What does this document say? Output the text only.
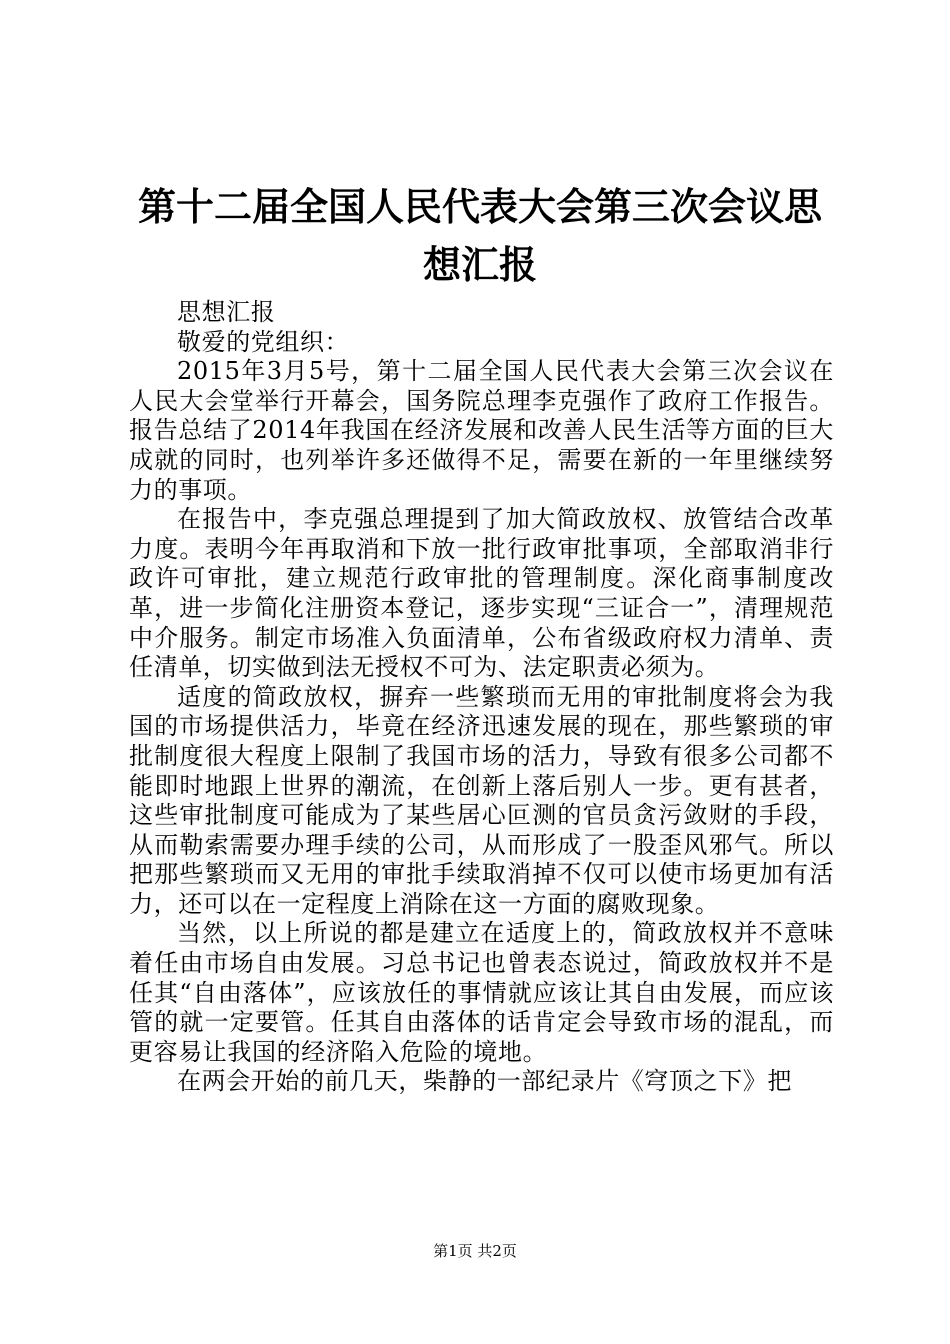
第十二届全国人民代表大会第三次会议思想汇报

思想汇报

敬爱的党组织：

2015年3月5号，第十二届全国人民代表大会第三次会议在人民大会堂举行开幕会，国务院总理李克强作了政府工作报告。报告总结了2014年我国在经济发展和改善人民生活等方面的巨大成就的同时，也列举许多还做得不足，需要在新的一年里继续努力的事项。

在报告中，李克强总理提到了加大简政放权、放管结合改革力度。表明今年再取消和下放一批行政审批事项，全部取消非行政许可审批，建立规范行政审批的管理制度。深化商事制度改革，进一步简化注册资本登记，逐步实现“三证合一”，清理规范中介服务。制定市场准入负面清单，公布省级政府权力清单、责任清单，切实做到法无授权不可为、法定职责必须为。

适度的简政放权，摒弃一些繁琐而无用的审批制度将会为我国的市场提供活力，毕竟在经济迅速发展的现在，那些繁琐的审批制度很大程度上限制了我国市场的活力，导致有很多公司都不能即时地跟上世界的潮流，在创新上落后别人一步。更有甚者，这些审批制度可能成为了某些居心叵测的官员贪污敛财的手段，从而勒索需要办理手续的公司，从而形成了一股歪风邪气。所以把那些繁琐而又无用的审批手续取消掉不仅可以使市场更加有活力，还可以在一定程度上消除在这一方面的腐败现象。

当然，以上所说的都是建立在适度上的，简政放权并不意味着任由市场自由发展。习总书记也曾表态说过，简政放权并不是任其“自由落体”，应该放任的事情就应该让其自由发展，而应该管的就一定要管。任其自由落体的话肯定会导致市场的混乱，而更容易让我国的经济陷入危险的境地。

在两会开始的前几天，柴静的一部纪录片《穹顶之下》把

第1页 共2页
